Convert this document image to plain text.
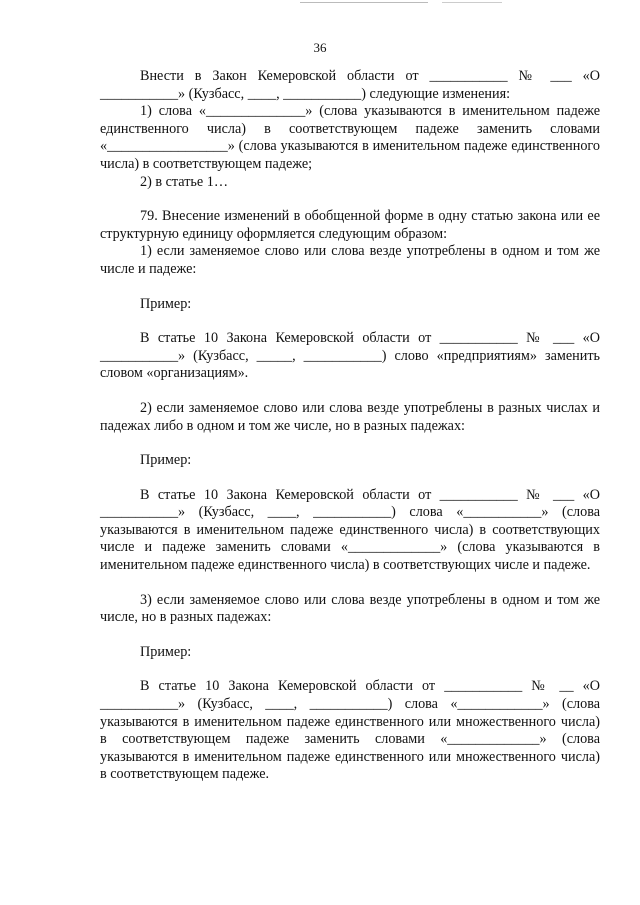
36

Внести в Закон Кемеровской области от ___________ № ___ «О ___________» (Кузбасс, ____, ___________) следующие изменения:

1) слова «______________» (слова указываются в именительном падеже единственного числа) в соответствующем падеже заменить словами «_________________» (слова указываются в именительном падеже единственного числа) в соответствующем падеже;

2) в статье 1…

79. Внесение изменений в обобщенной форме в одну статью закона или ее структурную единицу оформляется следующим образом:

1) если заменяемое слово или слова везде употреблены в одном и том же числе и падеже:

Пример:

В статье 10 Закона Кемеровской области от ___________ № ___ «О ___________» (Кузбасс, _____, ___________) слово «предприятиям» заменить словом «организациям».

2) если заменяемое слово или слова везде употреблены в разных числах и падежах либо в одном и том же числе, но в разных падежах:

Пример:

В статье 10 Закона Кемеровской области от ___________ № ___ «О ___________» (Кузбасс, ____, ___________) слова «___________» (слова указываются в именительном падеже единственного числа) в соответствующих числе и падеже заменить словами «_____________» (слова указываются в именительном падеже единственного числа) в соответствующих числе и падеже.

3) если заменяемое слово или слова везде употреблены в одном и том же числе, но в разных падежах:

Пример:

В статье 10 Закона Кемеровской области от ___________ № __ «О ___________» (Кузбасс, ____, ___________) слова «____________» (слова указываются в именительном падеже единственного или множественного числа) в соответствующем падеже заменить словами «_____________» (слова указываются в именительном падеже единственного или множественного числа) в соответствующем падеже.
